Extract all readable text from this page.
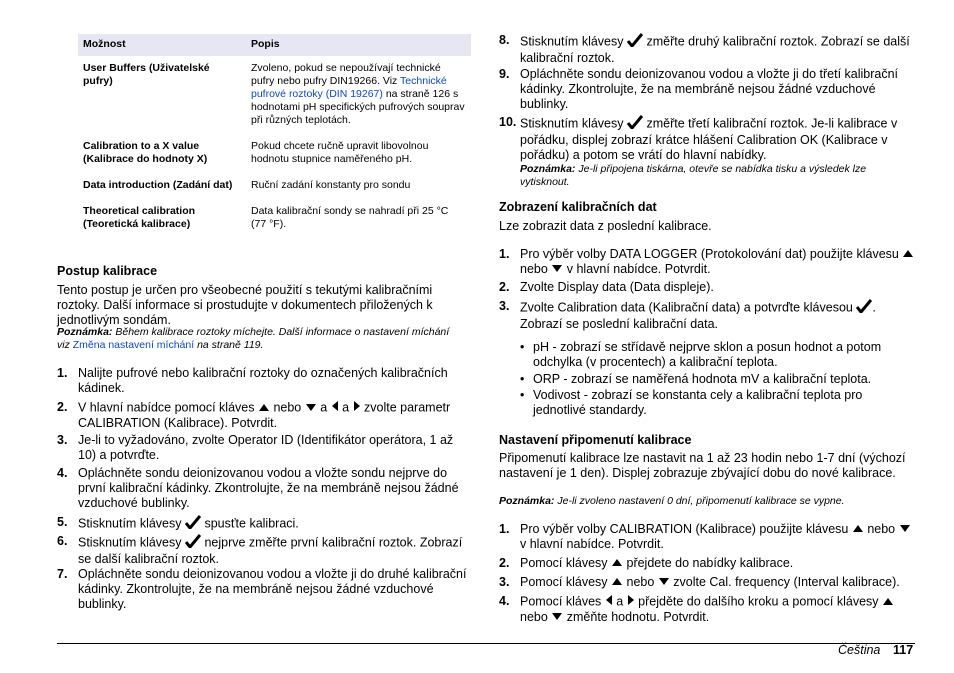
Možnost	Popis
User Buffers (Uživatelské pufry)	Zvoleno, pokud se nepoužívají technické pufry nebo pufry DIN19266. Viz Technické pufrové roztoky (DIN 19267) na straně 126 s hodnotami pH specifických pufrových souprav při různých teplotách.
Calibration to a X value (Kalibrace do hodnoty X)	Pokud chcete ručně upravit libovolnou hodnotu stupnice naměřeného pH.
Data introduction (Zadání dat)	Ruční zadání konstanty pro sondu
Theoretical calibration (Teoretická kalibrace)	Data kalibrační sondy se nahradí při 25 °C (77 °F).
Postup kalibrace

Tento postup je určen pro všeobecné použití s tekutými kalibračními roztoky. Další informace si prostudujte v dokumentech přiložených k jednotlivým sondám.

Poznámka: Během kalibrace roztoky míchejte. Další informace o nastavení míchání viz Změna nastavení míchání na straně 119.

1. Nalijte pufrové nebo kalibrační roztoky do označených kalibračních kádinek.
2. V hlavní nabídce pomocí kláves  nebo  a  a  zvolte parametr CALIBRATION (Kalibrace). Potvrdit.
3. Je-li to vyžadováno, zvolte Operator ID (Identifikátor operátora, 1 až 10) a potvrďte.
4. Opláchněte sondu deionizovanou vodou a vložte sondu nejprve do první kalibrační kádinky. Zkontrolujte, že na membráně nejsou žádné vzduchové bublinky.
5. Stisknutím klávesy  spusťte kalibraci.
6. Stisknutím klávesy  nejprve změřte první kalibrační roztok. Zobrazí se další kalibrační roztok.
7. Opláchněte sondu deionizovanou vodou a vložte ji do druhé kalibrační kádinky. Zkontrolujte, že na membráně nejsou žádné vzduchové bublinky.
8. Stisknutím klávesy  změřte druhý kalibrační roztok. Zobrazí se další kalibrační roztok.
9. Opláchněte sondu deionizovanou vodou a vložte ji do třetí kalibrační kádinky. Zkontrolujte, že na membráně nejsou žádné vzduchové bublinky.
10. Stisknutím klávesy  změřte třetí kalibrační roztok. Je-li kalibrace v pořádku, displej zobrazí krátce hlášení Calibration OK (Kalibrace v pořádku) a potom se vrátí do hlavní nabídky.
Poznámka: Je-li připojena tiskárna, otevře se nabídka tisku a výsledek lze vytisknout.
Zobrazení kalibračních dat

Lze zobrazit data z poslední kalibrace.

1. Pro výběr volby DATA LOGGER (Protokolování dat) použijte klávesu  nebo  v hlavní nabídce. Potvrdit.
2. Zvolte Display data (Data displeje).
3. Zvolte Calibration data (Kalibrační data) a potvrďte klávesou . Zobrazí se poslední kalibrační data.
• pH - zobrazí se střídavě nejprve sklon a posun hodnot a potom odchylka (v procentech) a kalibrační teplota.
• ORP - zobrazí se naměřená hodnota mV a kalibrační teplota.
• Vodivost - zobrazí se konstanta cely a kalibrační teplota pro jednotlivé standardy.
Nastavení připomenutí kalibrace

Připomenutí kalibrace lze nastavit na 1 až 23 hodin nebo 1-7 dní (výchozí nastavení je 1 den). Displej zobrazuje zbývající dobu do nové kalibrace.

Poznámka: Je-li zvoleno nastavení 0 dní, připomenutí kalibrace se vypne.

1. Pro výběr volby CALIBRATION (Kalibrace) použijte klávesu  nebo  v hlavní nabídce. Potvrdit.
2. Pomocí klávesy  přejdete do nabídky kalibrace.
3. Pomocí klávesy  nebo  zvolte Cal. frequency (Interval kalibrace).
4. Pomocí kláves  a  přejděte do dalšího kroku a pomocí klávesy  nebo  změňte hodnotu. Potvrdit.
Čeština 117
